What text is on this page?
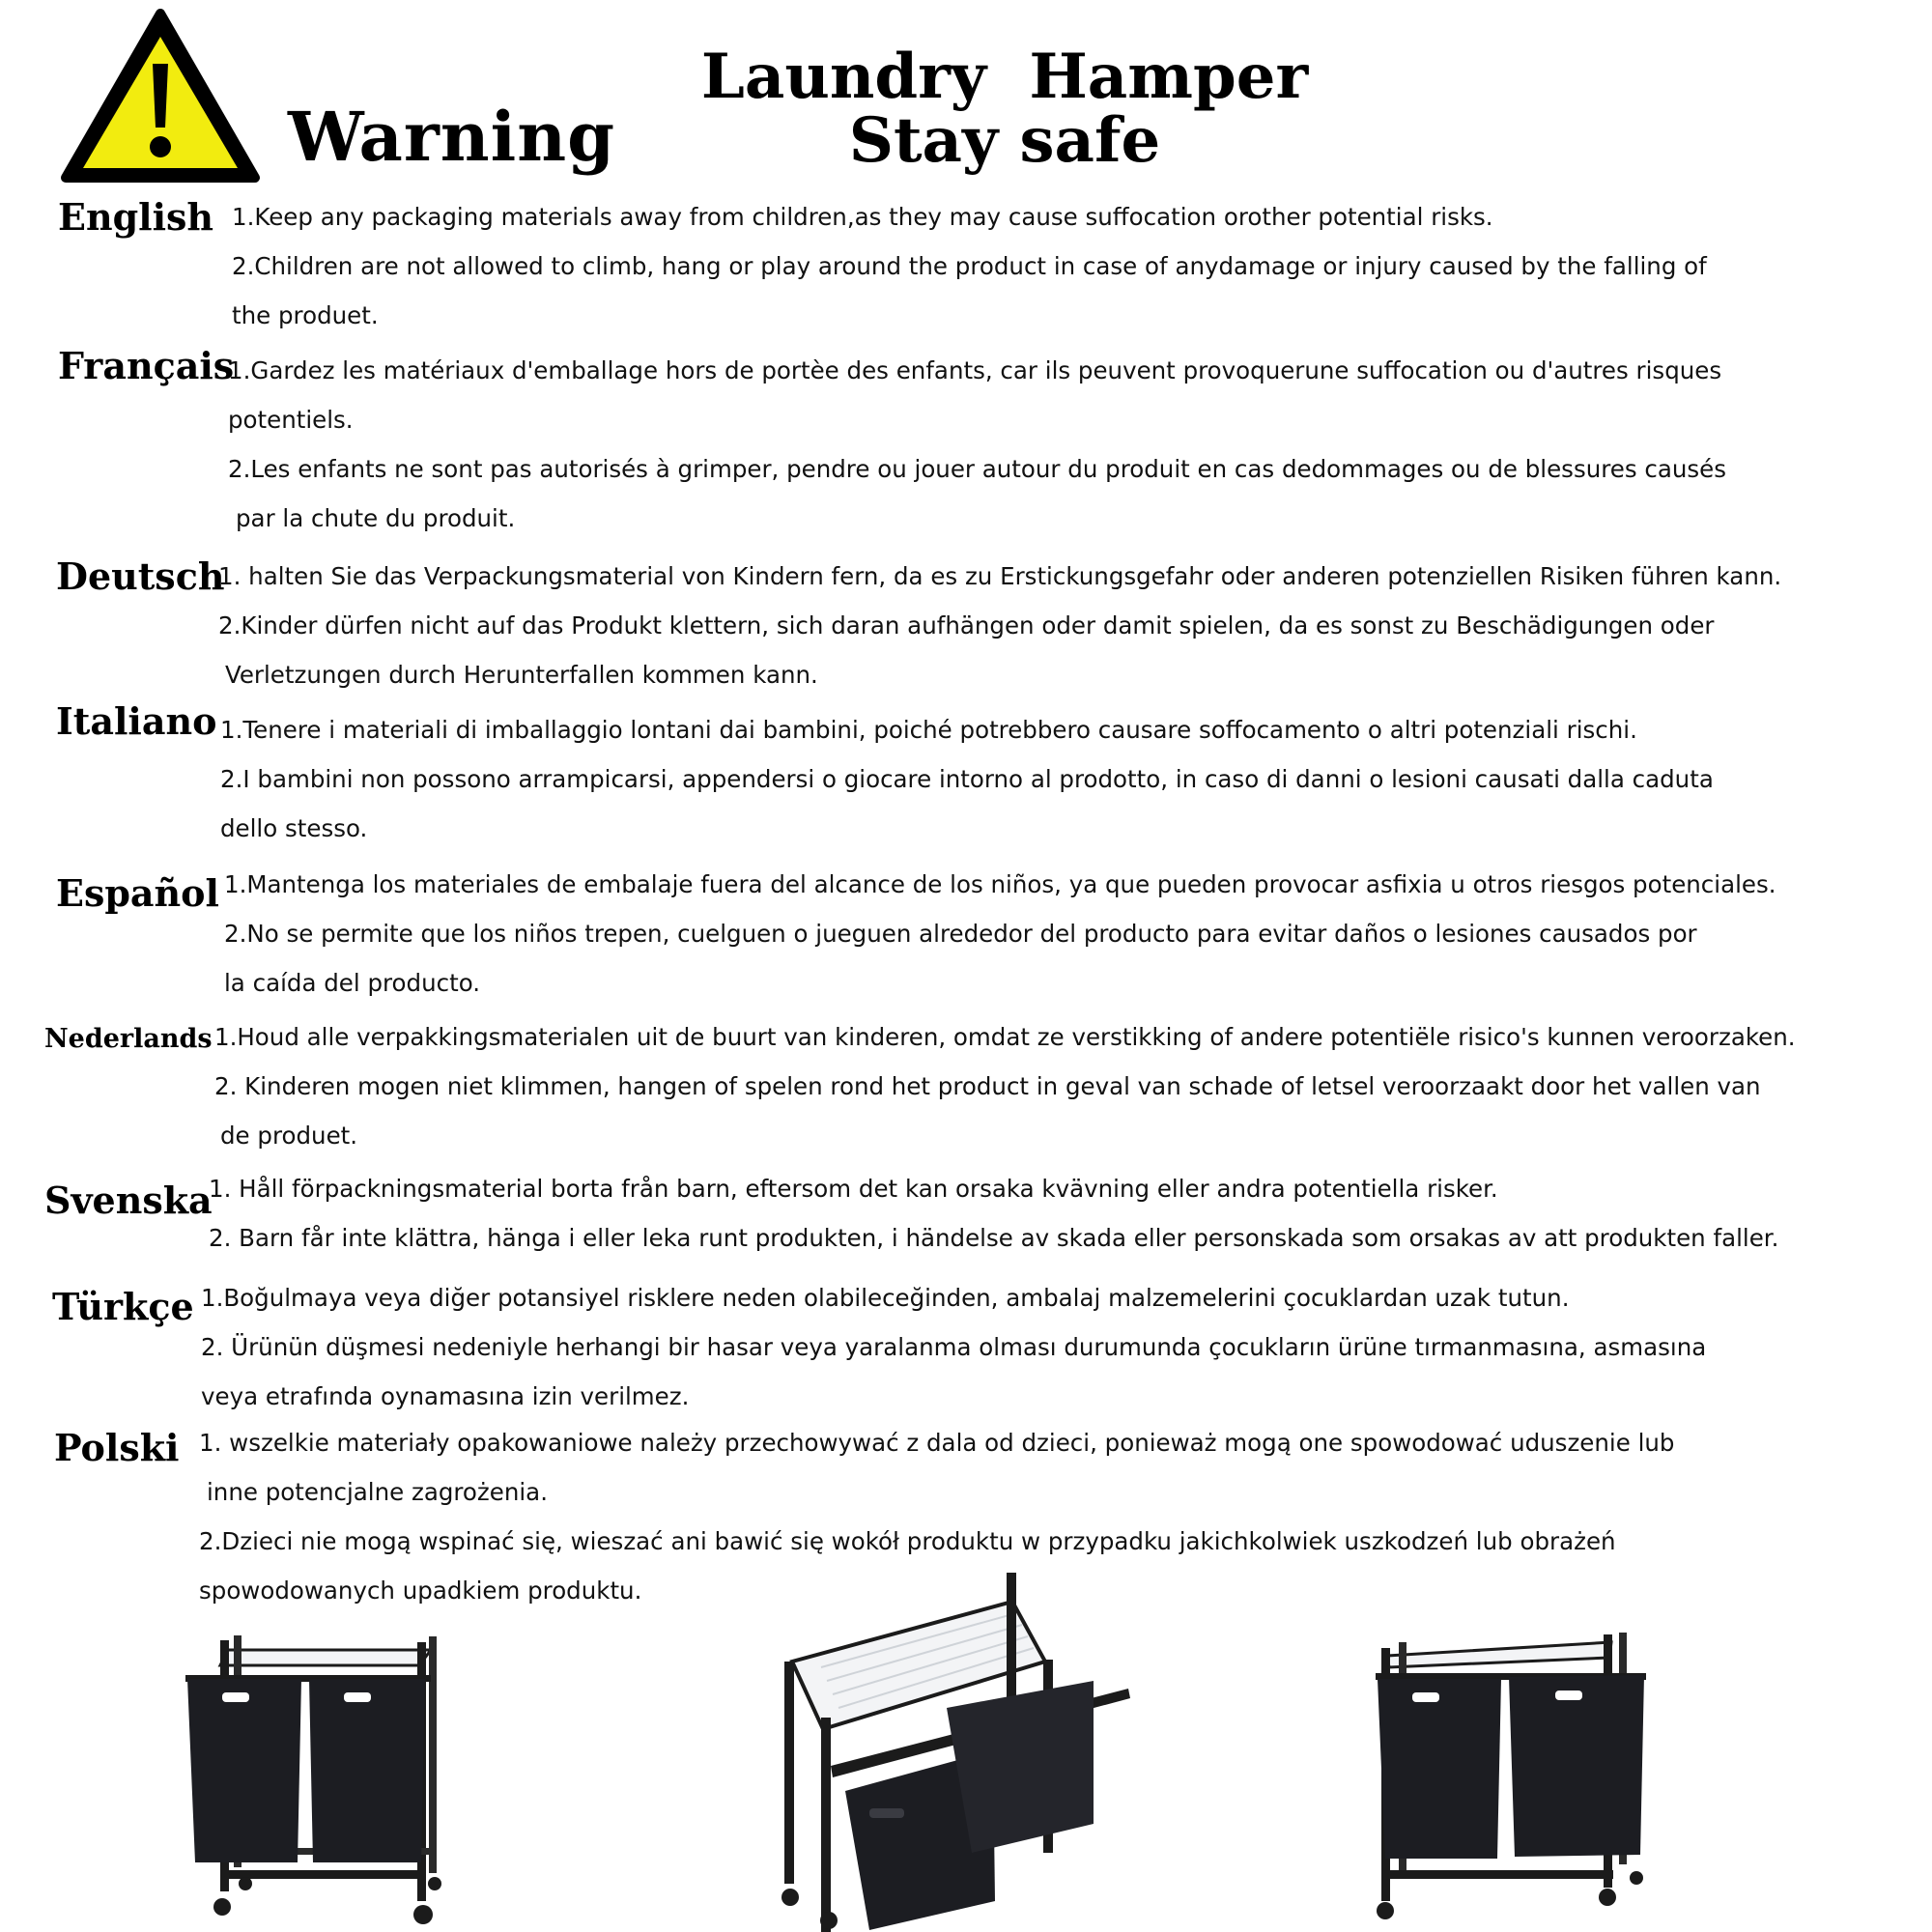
Warning
Laundry Hamper
Stay safe
English 1.Keep any packaging materials away from children,as they may cause suffocation orother potential risks.
2.Children are not allowed to climb, hang or play around the product in case of anydamage or injury caused by the falling of
the produet.
Français
1.Gardez les matériaux d'emballage hors de portèe des enfants, car ils peuvent provoquerune suffocation ou d'autres risques
potentiels.
2.Les enfants ne sont pas autorisés à grimper, pendre ou jouer autour du produit en cas dedommages ou de blessures causés
par la chute du produit.
Deutsch
1. halten Sie das Verpackungsmaterial von Kindern fern, da es zu Erstickungsgefahr oder anderen potenziellen Risiken führen kann.
2.Kinder dürfen nicht auf das Produkt klettern, sich daran aufhängen oder damit spielen, da es sonst zu Beschädigungen oder
Verletzungen durch Herunterfallen kommen kann.
Italiano 1.Tenere i materiali di imballaggio lontani dai bambini, poiché potrebbero causare soffocamento o altri potenziali rischi.
2.I bambini non possono arrampicarsi, appendersi o giocare intorno al prodotto, in caso di danni o lesioni causati dalla caduta
dello stesso.
Español 1.Mantenga los materiales de embalaje fuera del alcance de los niños, ya que pueden provocar asfixia u otros riesgos potenciales.
2.No se permite que los niños trepen, cuelguen o jueguen alrededor del producto para evitar daños o lesiones causados por
la caída del producto.
Nederlands 1.Houd alle verpakkingsmaterialen uit de buurt van kinderen, omdat ze verstikking of andere potentiële risico's kunnen veroorzaken.
2. Kinderen mogen niet klimmen, hangen of spelen rond het product in geval van schade of letsel veroorzaakt door het vallen van
de produet.
Svenska
1. Håll förpackningsmaterial borta från barn, eftersom det kan orsaka kvävning eller andra potentiella risker.
2. Barn får inte klättra, hänga i eller leka runt produkten, i händelse av skada eller personskada som orsakas av att produkten faller.
Türkçe 1.Boğulmaya veya diğer potansiyel risklere neden olabileceğinden, ambalaj malzemelerini çocuklardan uzak tutun.
2. Ürünün düşmesi nedeniyle herhangi bir hasar veya yaralanma olması durumunda çocukların ürüne tırmanmasına, asmasına
veya etrafında oynamasına izin verilmez.
Polski 1. wszelkie materiały opakowaniowe należy przechowywać z dala od dzieci, ponieważ mogą one spowodować uduszenie lub
inne potencjalne zagrożenia.
2.Dzieci nie mogą wspinać się, wieszać ani bawić się wokół produktu w przypadku jakichkolwiek uszkodzeń lub obrażeń
spowodowanych upadkiem produktu.
